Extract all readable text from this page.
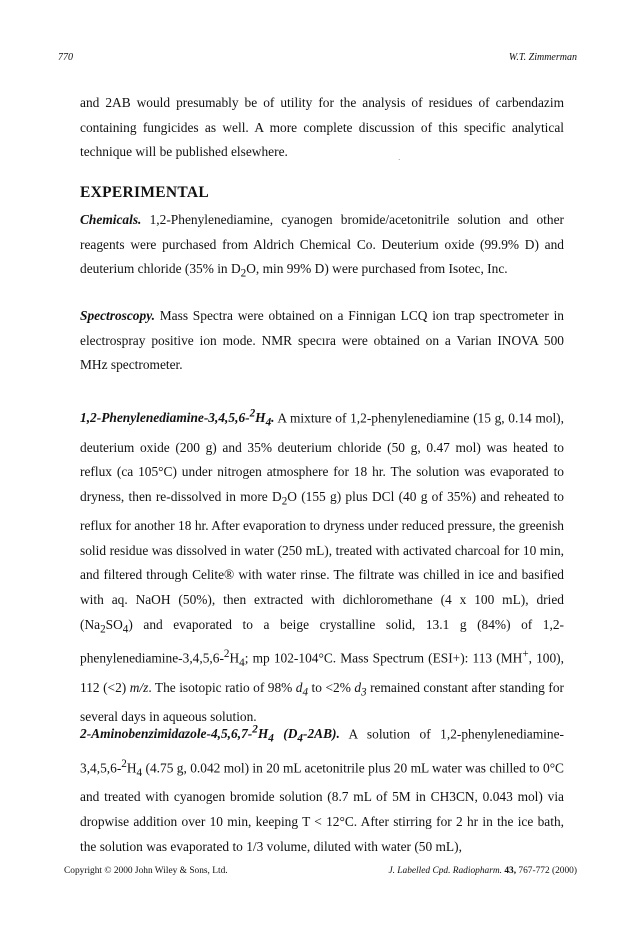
770	W.T. Zimmerman

and 2AB would presumably be of utility for the analysis of residues of carbendazim containing fungicides as well. A more complete discussion of this specific analytical technique will be published elsewhere.

·
EXPERIMENTAL

Chemicals. 1,2-Phenylenediamine, cyanogen bromide/acetonitrile solution and other reagents were purchased from Aldrich Chemical Co. Deuterium oxide (99.9% D) and deuterium chloride (35% in $D_2O$, min 99% D) were purchased from Isotec, Inc.

Spectroscopy. Mass Spectra were obtained on a Finnigan LCQ ion trap spectrometer in electrospray positive ion mode. NMR specıra were obtained on a Varian INOVA 500 MHz spectrometer.

$1,2-Phenylenediamine-3,4,5,6-^2H_4$. A mixture of 1,2-phenylenediamine (15 g, 0.14 mol), deuterium oxide (200 g) and 35% deuterium chloride (50 g, 0.47 mol) was heated to reflux (ca 105°C) under nitrogen atmosphere for 18 hr. The solution was evaporated to dryness, then re-dissolved in more $D_2O$ (155 g) plus DCl (40 g of 35%) and reheated to reflux for another 18 hr. After evaporation to dryness under reduced pressure, the greenish solid residue was dissolved in water (250 mL), treated with activated charcoal for 10 min, and filtered through Celite® with water rinse. The filtrate was chilled in ice and basified with aq. NaOH (50%), then extracted with dichloromethane (4 x 100 mL), dried $(Na_2SO_4)$ and evaporated to a beige crystalline solid, 13.1 g (84%) of $1,2-phenylenediamine-3,4,5,6-^2H_4$; mp 102-104°C. Mass Spectrum (ESI+): 113 (MH+, 100), 112 (<2) m/z. The isotopic ratio of 98% $d_4$ to <2% $d_3$ remained constant after standing for several days in aqueous solution.

$2-Aminobenzimidazole-4,5,6,7-^2H_4$ $(D_4-2AB)$. A solution of $1,2-phenylenediamine-3,4,5,6-^2H_4$ (4.75 g, 0.042 mol) in 20 mL acetonitrile plus 20 mL water was chilled to 0°C and treated with cyanogen bromide solution (8.7 mL of 5M in CH3CN, 0.043 mol) via dropwise addition over 10 min, keeping T < 12°C. After stirring for 2 hr in the ice bath, the solution was evaporated to 1/3 volume, diluted with water (50 mL),

Copyright © 2000 John Wiley & Sons, Ltd.	J. Labelled Cpd. Radiopharm. 43, 767-772 (2000)
